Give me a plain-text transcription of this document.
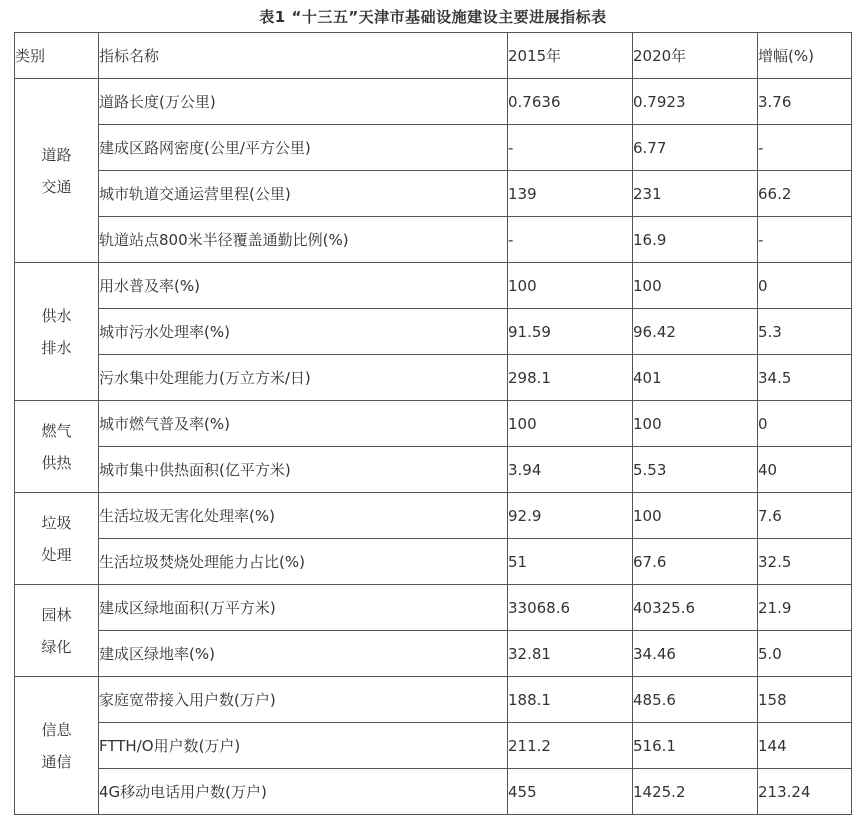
表1 “十三五”天津市基础设施建设主要进展指标表
类别	指标名称	2015年	2020年	增幅(%)

道路
交通	道路长度(万公里)	0.7636	0.7923	3.76
	建成区路网密度(公里/平方公里)	-	6.77	-
	城市轨道交通运营里程(公里)	139	231	66.2
	轨道站点800米半径覆盖通勤比例(%)	-	16.9	-

供水
排水	用水普及率(%)	100	100	0
	城市污水处理率(%)	91.59	96.42	5.3
	污水集中处理能力(万立方米/日)	298.1	401	34.5

燃气
供热	城市燃气普及率(%)	100	100	0
	城市集中供热面积(亿平方米)	3.94	5.53	40

垃圾
处理	生活垃圾无害化处理率(%)	92.9	100	7.6
	生活垃圾焚烧处理能力占比(%)	51	67.6	32.5

园林
绿化	建成区绿地面积(万平方米)	33068.6	40325.6	21.9
	建成区绿地率(%)	32.81	34.46	5.0

信息
通信	家庭宽带接入用户数(万户)	188.1	485.6	158
	FTTH/O用户数(万户)	211.2	516.1	144
	4G移动电话用户数(万户)	455	1425.2	213.24
